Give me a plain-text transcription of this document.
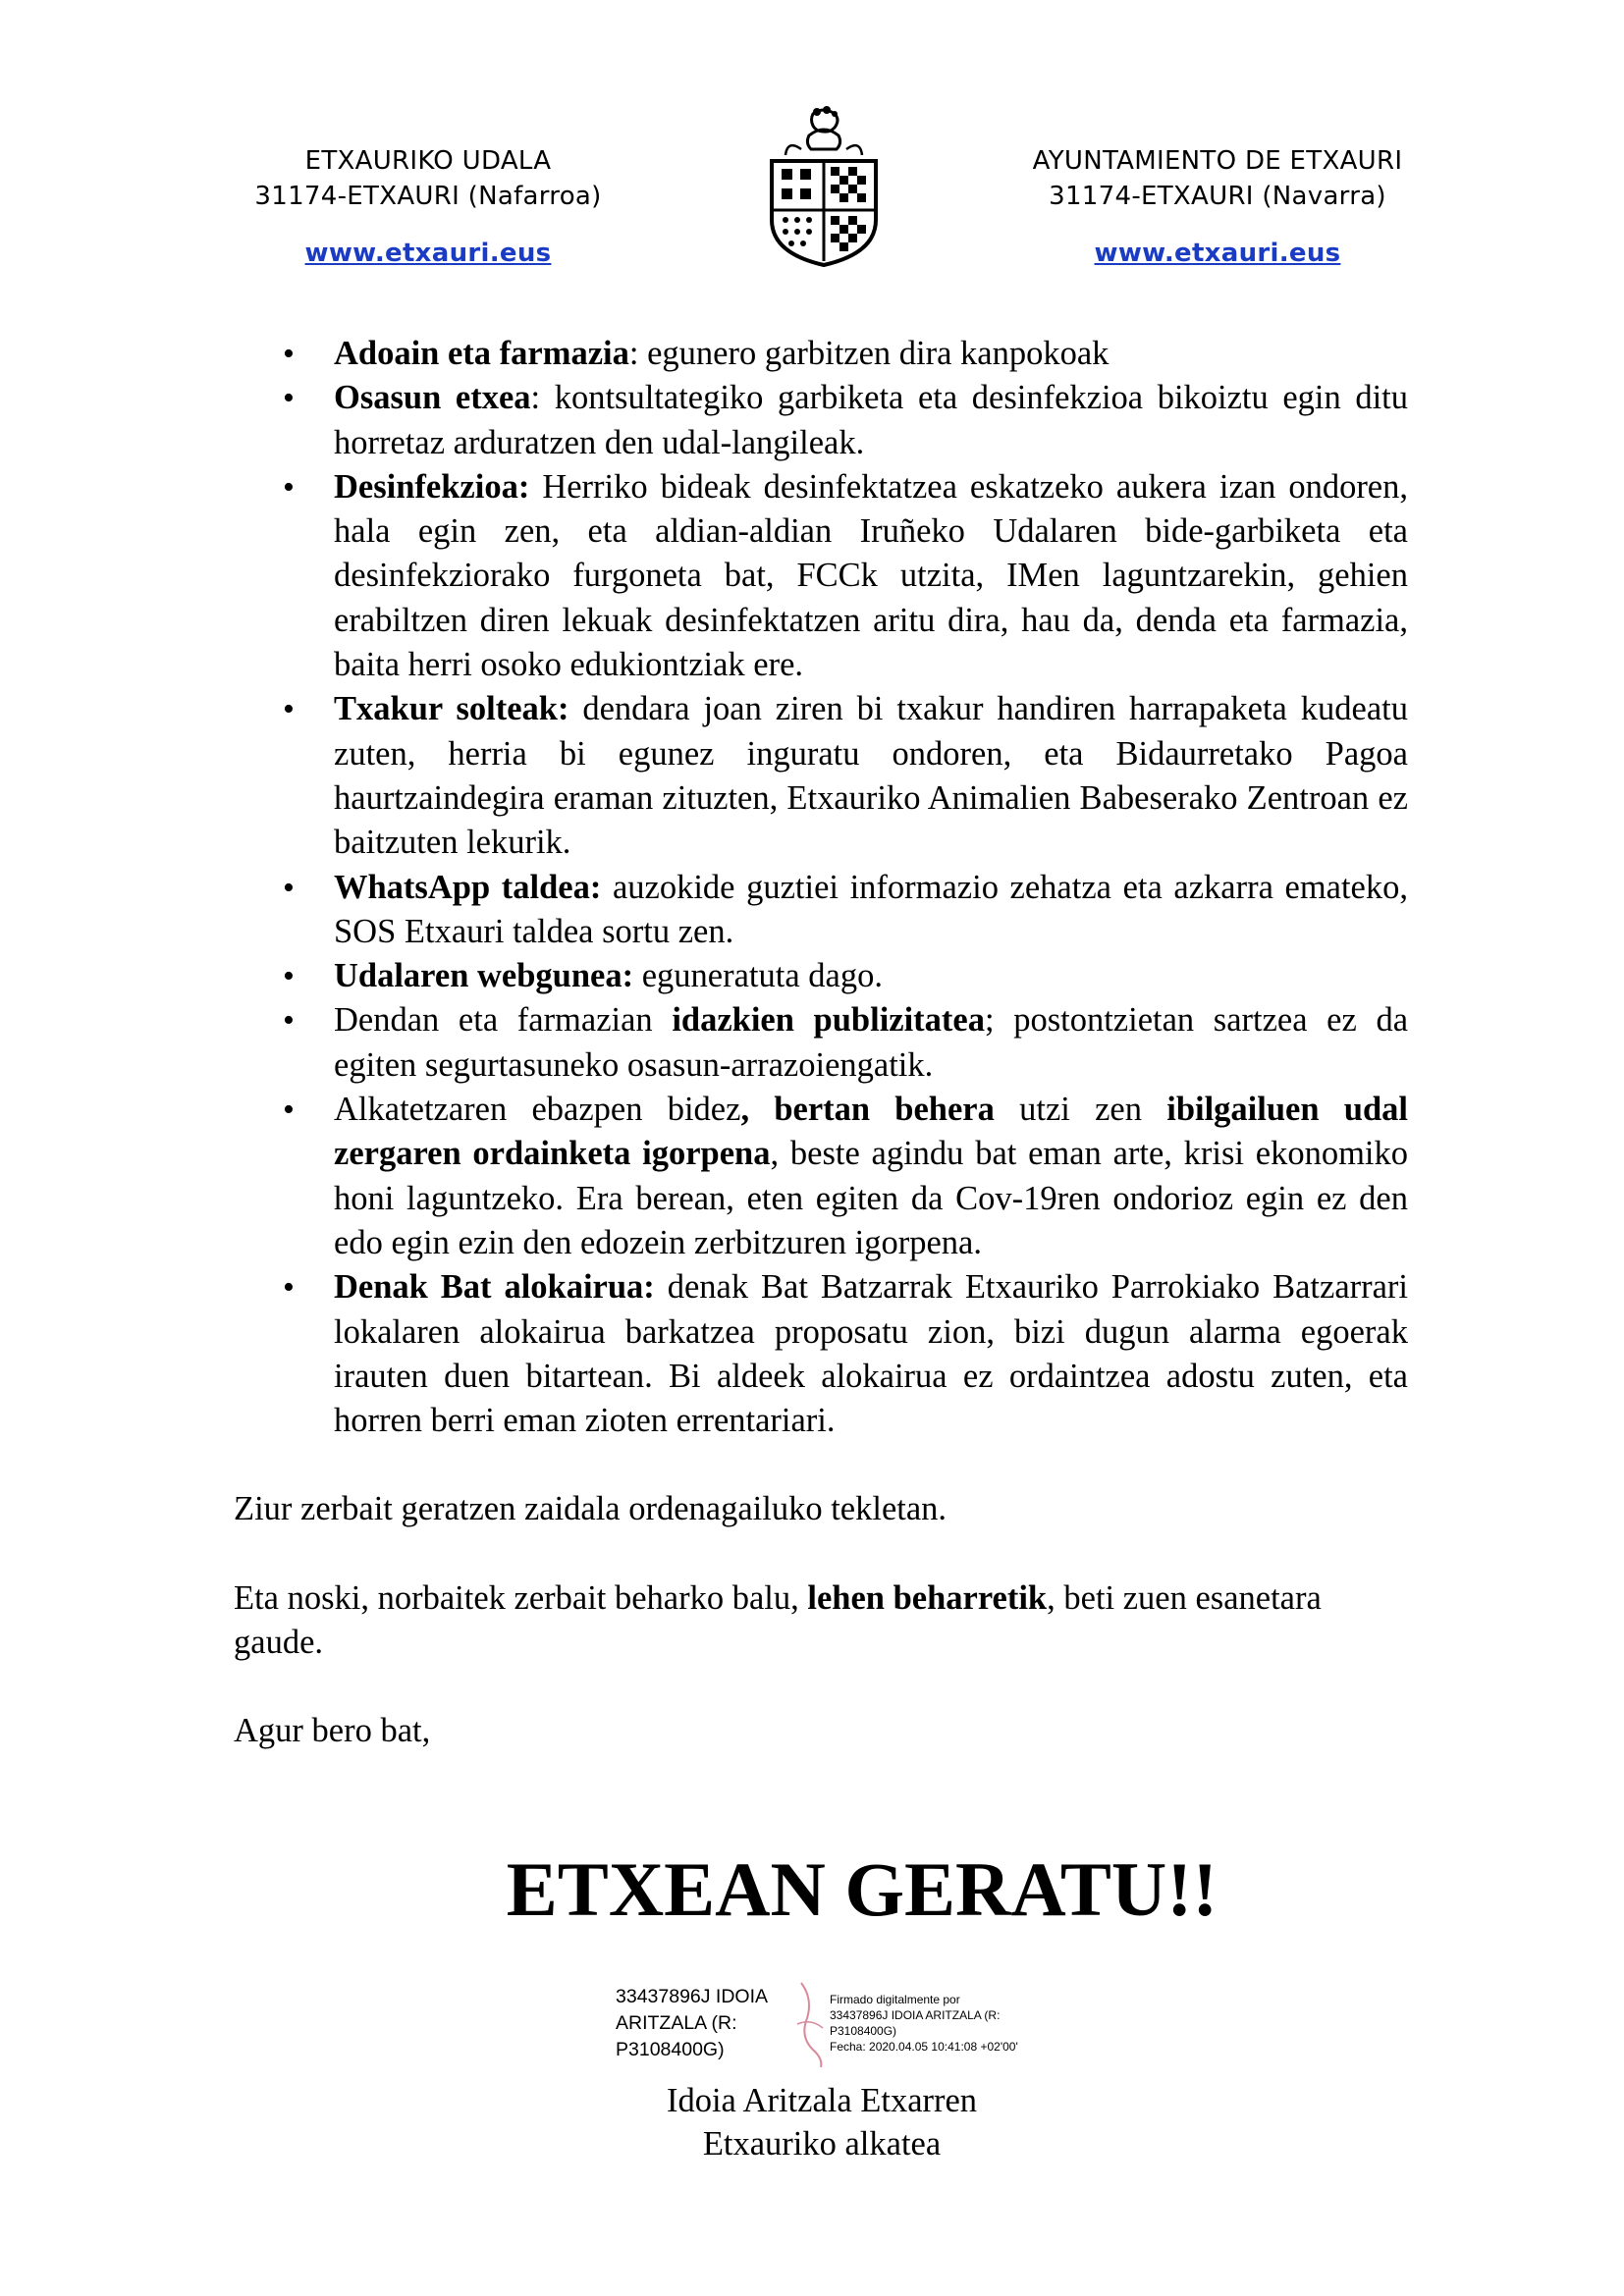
ETXAURIKO UDALA
31174-ETXAURI (Nafarroa)
www.etxauri.eus
AYUNTAMIENTO DE ETXAURI
31174-ETXAURI (Navarra)
www.etxauri.eus
• Adoain eta farmazia: egunero garbitzen dira kanpokoak
• Osasun etxea: kontsultategiko garbiketa eta desinfekzioa bikoiztu egin ditu horretaz arduratzen den udal-langileak.
• Desinfekzioa: Herriko bideak desinfektatzea eskatzeko aukera izan ondoren, hala egin zen, eta aldian-aldian Iruñeko Udalaren bide-garbiketa eta desinfekziorako furgoneta bat, FCCk utzita, IMen laguntzarekin, gehien erabiltzen diren lekuak desinfektatzen aritu dira, hau da, denda eta farmazia, baita herri osoko edukiontziak ere.
• Txakur solteak: dendara joan ziren bi txakur handiren harrapaketa kudeatu zuten, herria bi egunez inguratu ondoren, eta Bidaurretako Pagoa haurtzaindegira eraman zituzten, Etxauriko Animalien Babeserako Zentroan ez baitzuten lekurik.
• WhatsApp taldea: auzokide guztiei informazio zehatza eta azkarra emateko, SOS Etxauri taldea sortu zen.
• Udalaren webgunea: eguneratuta dago.
• Dendan eta farmazian idazkien publizitatea; postontzietan sartzea ez da egiten segurtasuneko osasun-arrazoiengatik.
• Alkatetzaren ebazpen bidez, bertan behera utzi zen ibilgailuen udal zergaren ordainketa igorpena, beste agindu bat eman arte, krisi ekonomiko honi laguntzeko. Era berean, eten egiten da Cov-19ren ondorioz egin ez den edo egin ezin den edozein zerbitzuren igorpena.
• Denak Bat alokairua: denak Bat Batzarrak Etxauriko Parrokiako Batzarrari lokalaren alokairua barkatzea proposatu zion, bizi dugun alarma egoerak irauten duen bitartean. Bi aldeek alokairua ez ordaintzea adostu zuten, eta horren berri eman zioten errentariari.

Ziur zerbait geratzen zaidala ordenagailuko tekletan.

Eta noski, norbaitek zerbait beharko balu, lehen beharretik, beti zuen esanetara gaude.

Agur bero bat,

ETXEAN GERATU!!
33437896J IDOIA
ARITZALA (R:
P3108400G)
Firmado digitalmente por
33437896J IDOIA ARITZALA (R:
P3108400G)
Fecha: 2020.04.05 10:41:08 +02'00'
Idoia Aritzala Etxarren
Etxauriko alkatea
